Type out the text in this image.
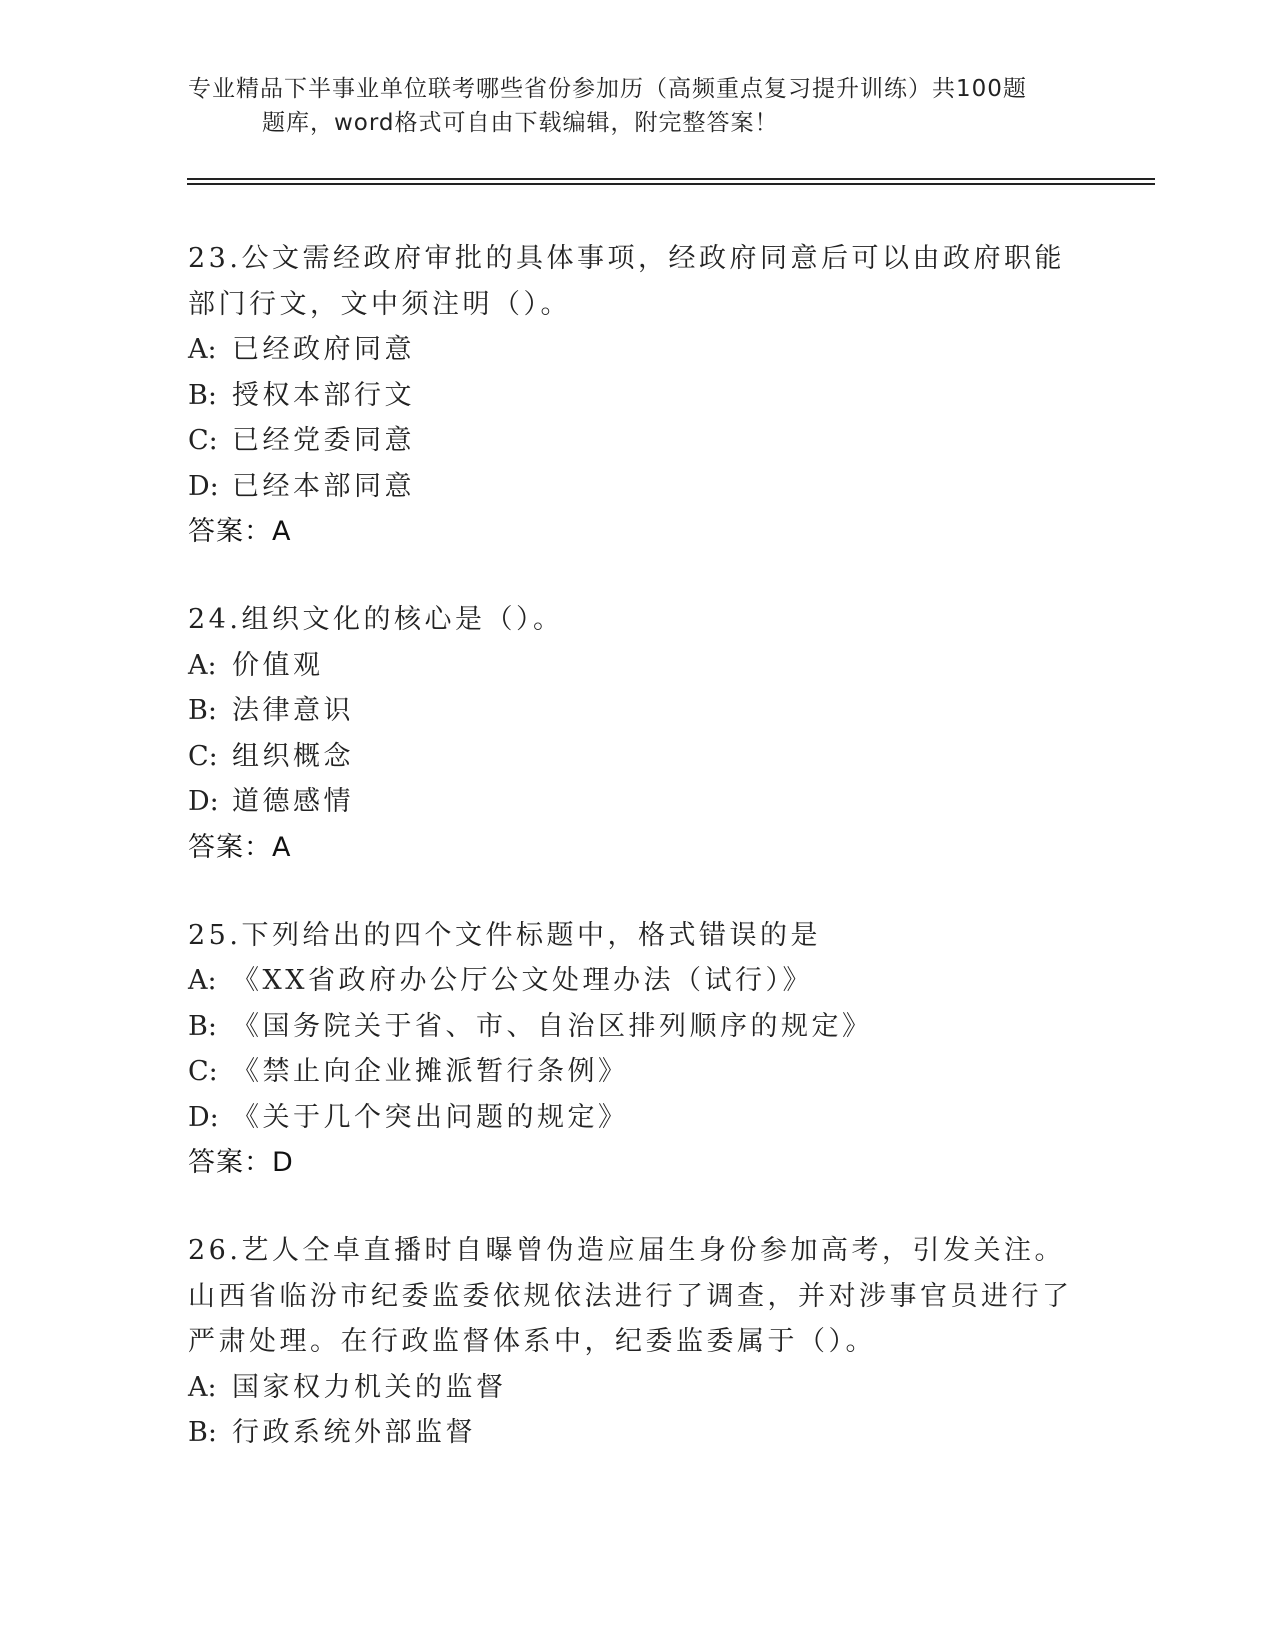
专业精品下半事业单位联考哪些省份参加历（高频重点复习提升训练）共100题
题库，word格式可自由下载编辑，附完整答案！
23.公文需经政府审批的具体事项，经政府同意后可以由政府职能部门行文，文中须注明（）。
A: 已经政府同意
B: 授权本部行文
C: 已经党委同意
D: 已经本部同意
答案：A
24.组织文化的核心是（）。
A: 价值观
B: 法律意识
C: 组织概念
D: 道德感情
答案：A
25.下列给出的四个文件标题中，格式错误的是
A: 《XX省政府办公厅公文处理办法（试行）》
B: 《国务院关于省、市、自治区排列顺序的规定》
C: 《禁止向企业摊派暂行条例》
D: 《关于几个突出问题的规定》
答案：D
26.艺人仝卓直播时自曝曾伪造应届生身份参加高考，引发关注。山西省临汾市纪委监委依规依法进行了调查，并对涉事官员进行了严肃处理。在行政监督体系中，纪委监委属于（）。
A: 国家权力机关的监督
B: 行政系统外部监督
